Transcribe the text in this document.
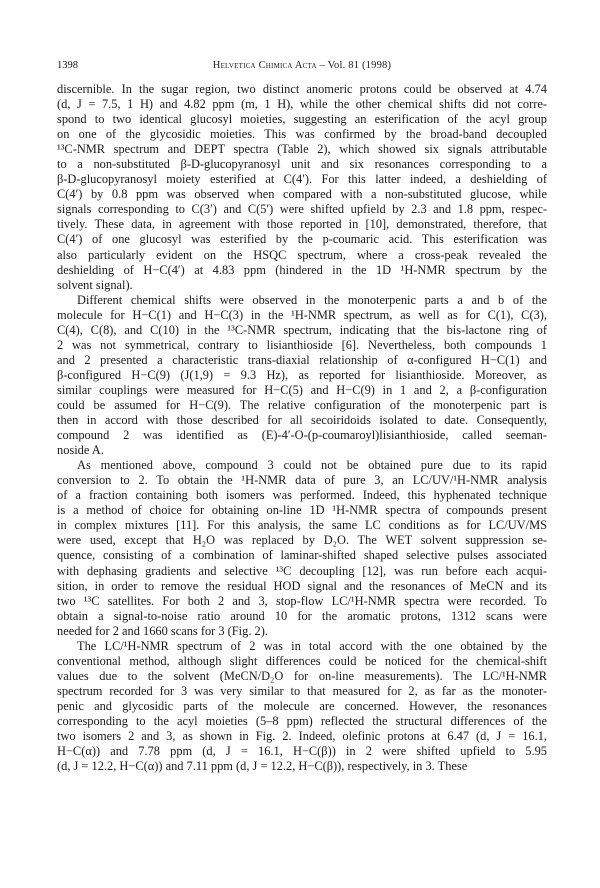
1398	Helvetica Chimica Acta – Vol. 81 (1998)

discernible. In the sugar region, two distinct anomeric protons could be observed at 4.74
(d, J = 7.5, 1 H) and 4.82 ppm (m, 1 H), while the other chemical shifts did not corre-
spond to two identical glucosyl moieties, suggesting an esterification of the acyl group
on one of the glycosidic moieties. This was confirmed by the broad-band decoupled
¹³C-NMR spectrum and DEPT spectra (Table 2), which showed six signals attributable
to a non-substituted β-D-glucopyranosyl unit and six resonances corresponding to a
β-D-glucopyranosyl moiety esterified at C(4′). For this latter indeed, a deshielding of
C(4′) by 0.8 ppm was observed when compared with a non-substituted glucose, while
signals corresponding to C(3′) and C(5′) were shifted upfield by 2.3 and 1.8 ppm, respec-
tively. These data, in agreement with those reported in [10], demonstrated, therefore, that
C(4′) of one glucosyl was esterified by the p-coumaric acid. This esterification was
also particularly evident on the HSQC spectrum, where a cross-peak revealed the
deshielding of H−C(4′) at 4.83 ppm (hindered in the 1D ¹H-NMR spectrum by the
solvent signal).

Different chemical shifts were observed in the monoterpenic parts a and b of the
molecule for H−C(1) and H−C(3) in the ¹H-NMR spectrum, as well as for C(1), C(3),
C(4), C(8), and C(10) in the ¹³C-NMR spectrum, indicating that the bis-lactone ring of
2 was not symmetrical, contrary to lisianthioside [6]. Nevertheless, both compounds 1
and 2 presented a characteristic trans-diaxial relationship of α-configured H−C(1) and
β-configured H−C(9) (J(1,9) = 9.3 Hz), as reported for lisianthioside. Moreover, as
similar couplings were measured for H−C(5) and H−C(9) in 1 and 2, a β-configuration
could be assumed for H−C(9). The relative configuration of the monoterpenic part is
then in accord with those described for all secoiridoids isolated to date. Consequently,
compound 2 was identified as (E)-4′-O-(p-coumaroyl)lisianthioside, called seeman-
noside A.

As mentioned above, compound 3 could not be obtained pure due to its rapid
conversion to 2. To obtain the ¹H-NMR data of pure 3, an LC/UV/¹H-NMR analysis
of a fraction containing both isomers was performed. Indeed, this hyphenated technique
is a method of choice for obtaining on-line 1D ¹H-NMR spectra of compounds present
in complex mixtures [11]. For this analysis, the same LC conditions as for LC/UV/MS
were used, except that H₂O was replaced by D₂O. The WET solvent suppression se-
quence, consisting of a combination of laminar-shifted shaped selective pulses associated
with dephasing gradients and selective ¹³C decoupling [12], was run before each acqui-
sition, in order to remove the residual HOD signal and the resonances of MeCN and its
two ¹³C satellites. For both 2 and 3, stop-flow LC/¹H-NMR spectra were recorded. To
obtain a signal-to-noise ratio around 10 for the aromatic protons, 1312 scans were
needed for 2 and 1660 scans for 3 (Fig. 2).

The LC/¹H-NMR spectrum of 2 was in total accord with the one obtained by the
conventional method, although slight differences could be noticed for the chemical-shift
values due to the solvent (MeCN/D₂O for on-line measurements). The LC/¹H-NMR
spectrum recorded for 3 was very similar to that measured for 2, as far as the monoter-
penic and glycosidic parts of the molecule are concerned. However, the resonances
corresponding to the acyl moieties (5–8 ppm) reflected the structural differences of the
two isomers 2 and 3, as shown in Fig. 2. Indeed, olefinic protons at 6.47 (d, J = 16.1,
H−C(α)) and 7.78 ppm (d, J = 16.1, H−C(β)) in 2 were shifted upfield to 5.95
(d, J = 12.2, H−C(α)) and 7.11 ppm (d, J = 12.2, H−C(β)), respectively, in 3. These
